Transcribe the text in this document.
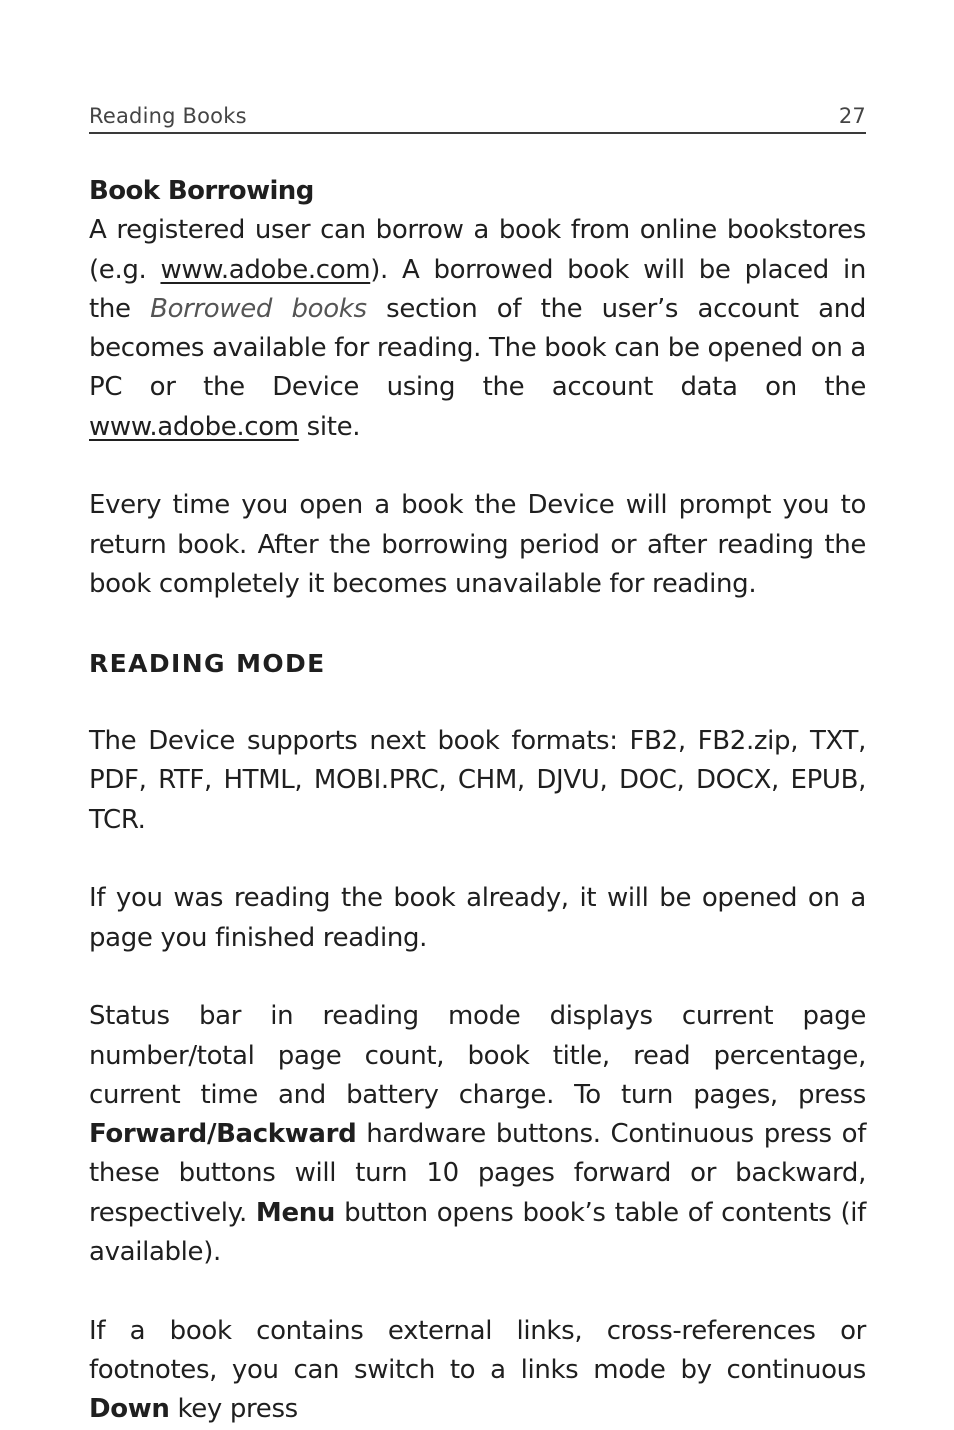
Reading Books	27
Book Borrowing

A registered user can borrow a book from online bookstores (e.g. www.adobe.com). A borrowed book will be placed in the Borrowed books section of the user’s account and becomes available for reading. The book can be opened on a PC or the Device using the account data on the www.adobe.com site.

Every time you open a book the Device will prompt you to return book. After the borrowing period or after reading the book completely it becomes unavailable for reading.

READING MODE

The Device supports next book formats: FB2, FB2.zip, TXT, PDF, RTF, HTML, MOBI.PRC, CHM, DJVU, DOC, DOCX, EPUB, TCR.

If you was reading the book already, it will be opened on a page you finished reading.

Status bar in reading mode displays current page number/total page count, book title, read percentage, current time and battery charge. To turn pages, press Forward/Backward hardware buttons. Continuous press of these buttons will turn 10 pages forward or backward, respectively. Menu button opens book’s table of contents (if available).

If a book contains external links, cross-references or footnotes, you can switch to a links mode by continuous Down key press
